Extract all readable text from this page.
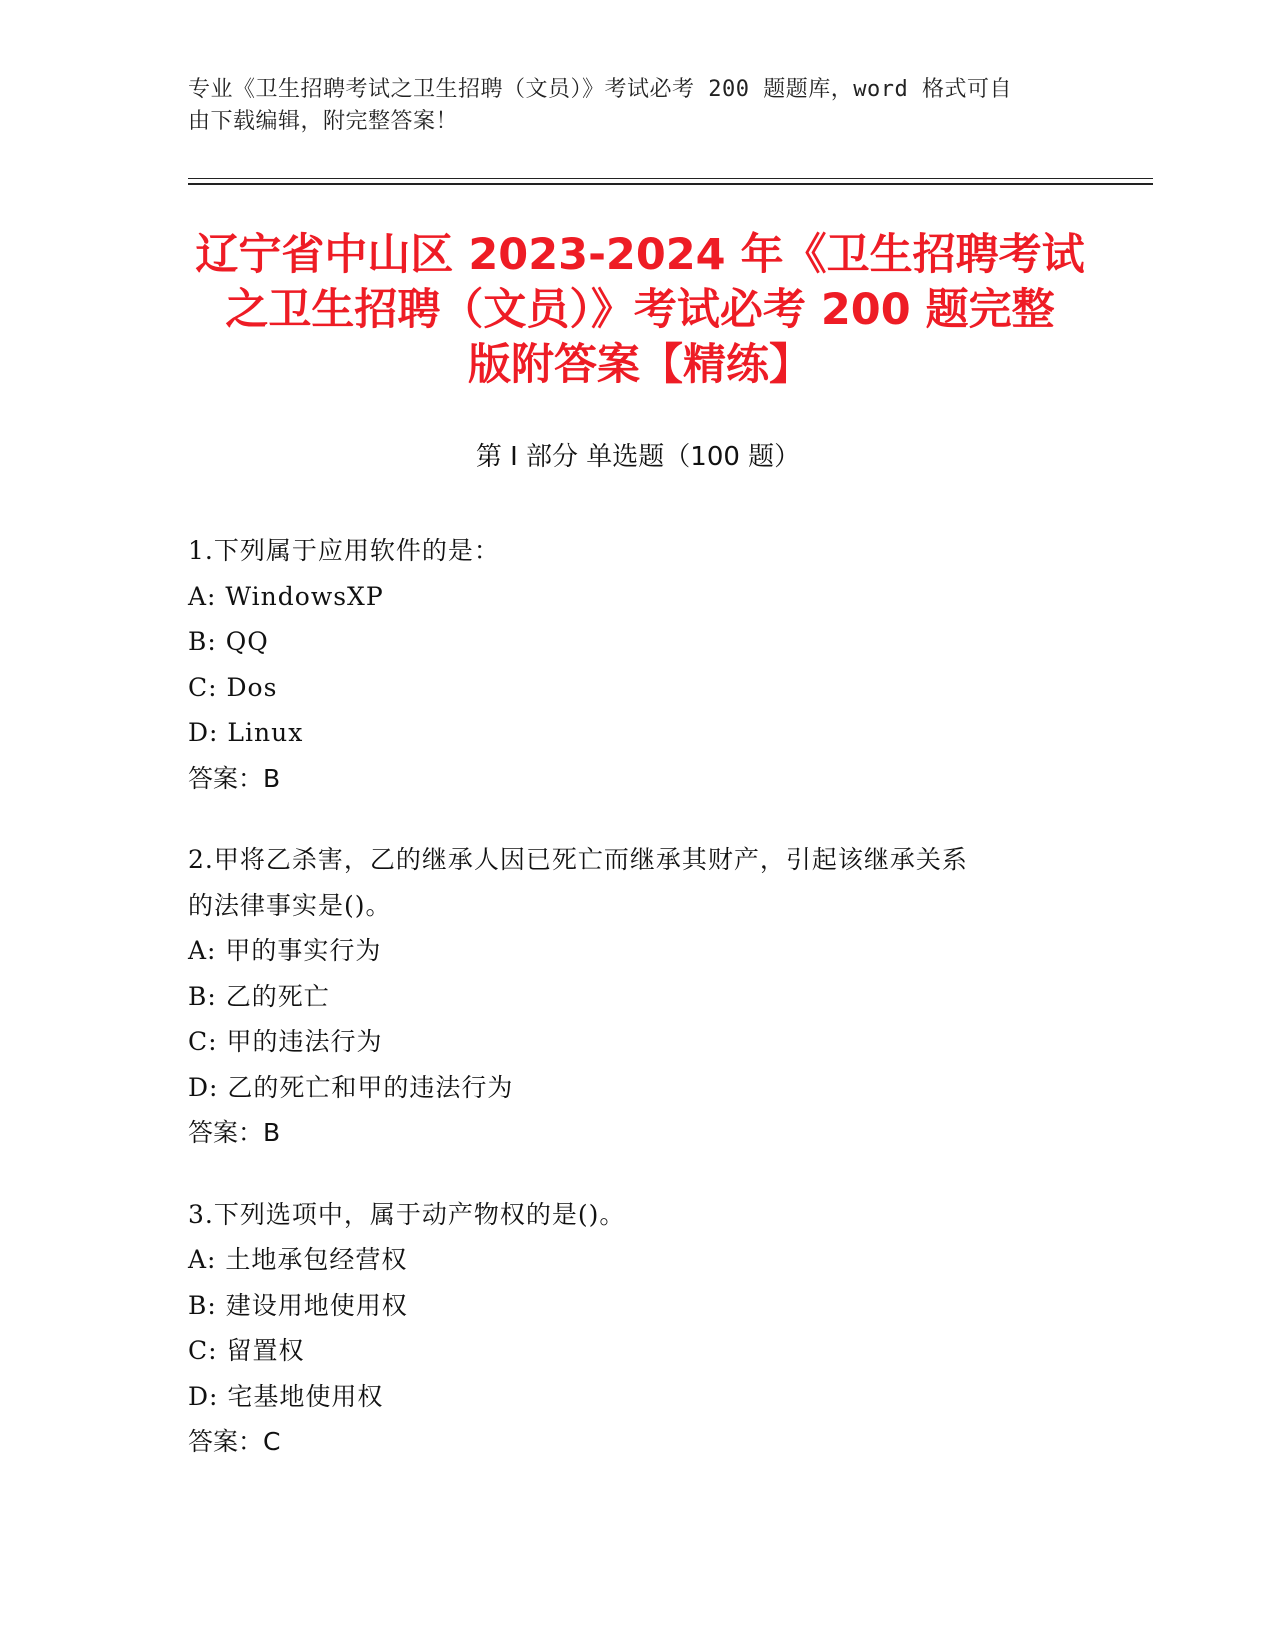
专业《卫生招聘考试之卫生招聘（文员）》考试必考 200 题题库，word 格式可自
由下载编辑，附完整答案！
辽宁省中山区 2023-2024 年《卫生招聘考试
之卫生招聘（文员）》考试必考 200 题完整
版附答案【精练】
第 I 部分 单选题（100 题）

1.下列属于应用软件的是：

A: WindowsXP

B: QQ

C: Dos

D: Linux

答案：B

2.甲将乙杀害，乙的继承人因已死亡而继承其财产，引起该继承关系

的法律事实是()。

A: 甲的事实行为

B: 乙的死亡

C: 甲的违法行为

D: 乙的死亡和甲的违法行为

答案：B

3.下列选项中，属于动产物权的是()。

A: 土地承包经营权

B: 建设用地使用权

C: 留置权

D: 宅基地使用权

答案：C
